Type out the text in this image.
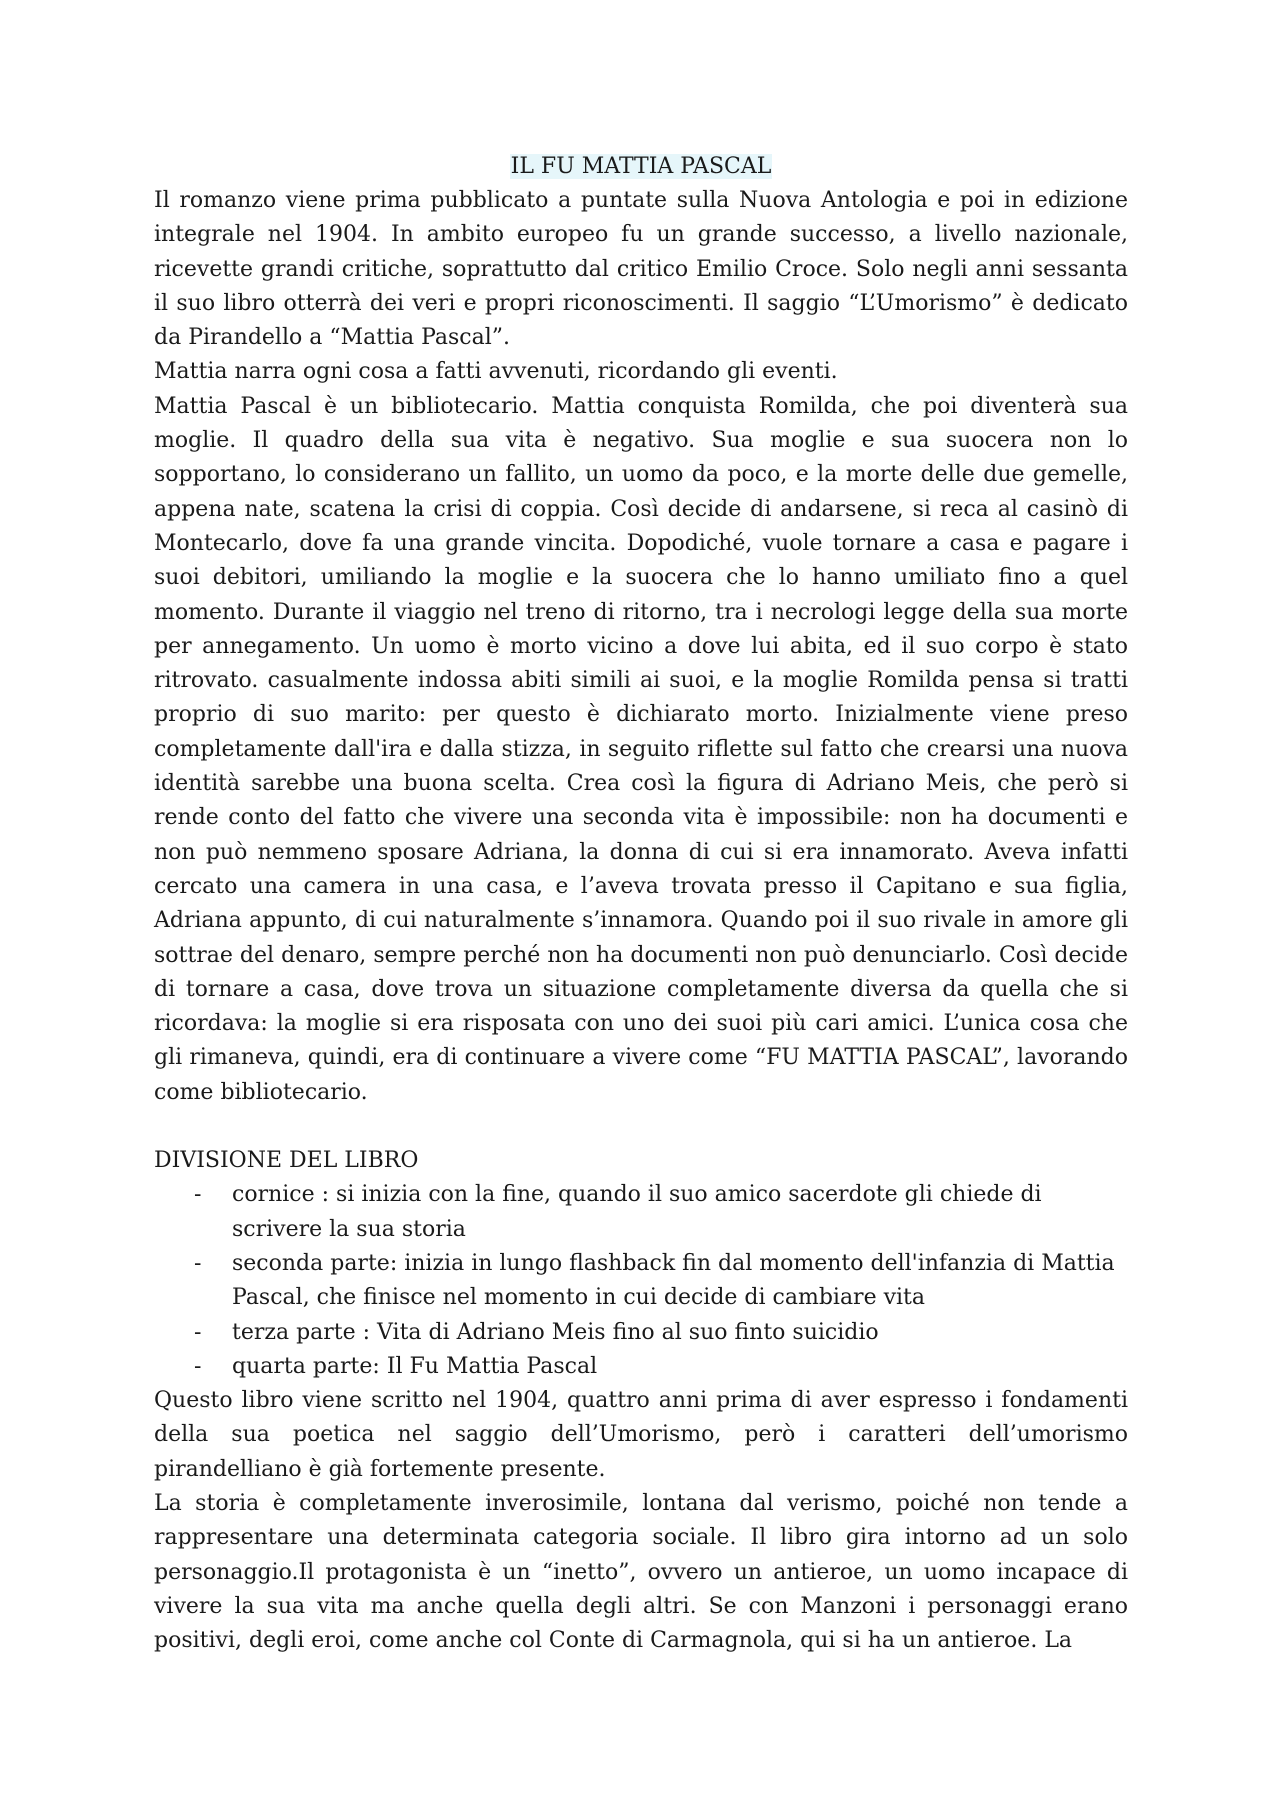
IL FU MATTIA PASCAL

Il romanzo viene prima pubblicato a puntate sulla Nuova Antologia e poi in edizione integrale nel 1904. In ambito europeo fu un grande successo, a livello nazionale, ricevette grandi critiche, soprattutto dal critico Emilio Croce. Solo negli anni sessanta il suo libro otterrà dei veri e propri riconoscimenti. Il saggio “L’Umorismo” è dedicato da Pirandello a “Mattia Pascal”.

Mattia narra ogni cosa a fatti avvenuti, ricordando gli eventi.

Mattia Pascal è un bibliotecario. Mattia conquista Romilda, che poi diventerà sua moglie. Il quadro della sua vita è negativo. Sua moglie e sua suocera non lo sopportano, lo considerano un fallito, un uomo da poco, e la morte delle due gemelle, appena nate, scatena la crisi di coppia. Così decide di andarsene, si reca al casinò di Montecarlo, dove fa una grande vincita. Dopodiché, vuole tornare a casa e pagare i suoi debitori, umiliando la moglie e la suocera che lo hanno umiliato fino a quel momento. Durante il viaggio nel treno di ritorno, tra i necrologi legge della sua morte per annegamento. Un uomo è morto vicino a dove lui abita, ed il suo corpo è stato ritrovato. casualmente indossa abiti simili ai suoi, e la moglie Romilda pensa si tratti proprio di suo marito: per questo è dichiarato morto. Inizialmente viene preso completamente dall'ira e dalla stizza, in seguito riflette sul fatto che crearsi una nuova identità sarebbe una buona scelta. Crea così la figura di Adriano Meis, che però si rende conto del fatto che vivere una seconda vita è impossibile: non ha documenti e non può nemmeno sposare Adriana, la donna di cui si era innamorato. Aveva infatti cercato una camera in una casa, e l’aveva trovata presso il Capitano e sua figlia, Adriana appunto, di cui naturalmente s’innamora. Quando poi il suo rivale in amore gli sottrae del denaro, sempre perché non ha documenti non può denunciarlo. Così decide di tornare a casa, dove trova un situazione completamente diversa da quella che si ricordava: la moglie si era risposata con uno dei suoi più cari amici. L’unica cosa che gli rimaneva, quindi, era di continuare a vivere come “FU MATTIA PASCAL”, lavorando come bibliotecario.

DIVISIONE DEL LIBRO

- cornice : si inizia con la fine, quando il suo amico sacerdote gli chiede di scrivere la sua storia
- seconda parte: inizia in lungo flashback fin dal momento dell'infanzia di Mattia Pascal, che finisce nel momento in cui decide di cambiare vita
- terza parte : Vita di Adriano Meis fino al suo finto suicidio
- quarta parte: Il Fu Mattia Pascal

Questo libro viene scritto nel 1904, quattro anni prima di aver espresso i fondamenti della sua poetica nel saggio dell’Umorismo, però i caratteri dell’umorismo pirandelliano è già fortemente presente.

La storia è completamente inverosimile, lontana dal verismo, poiché non tende a rappresentare una determinata categoria sociale. Il libro gira intorno ad un solo personaggio.Il protagonista è un “inetto”, ovvero un antieroe, un uomo incapace di vivere la sua vita ma anche quella degli altri. Se con Manzoni i personaggi erano positivi, degli eroi, come anche col Conte di Carmagnola, qui si ha un antieroe. La
